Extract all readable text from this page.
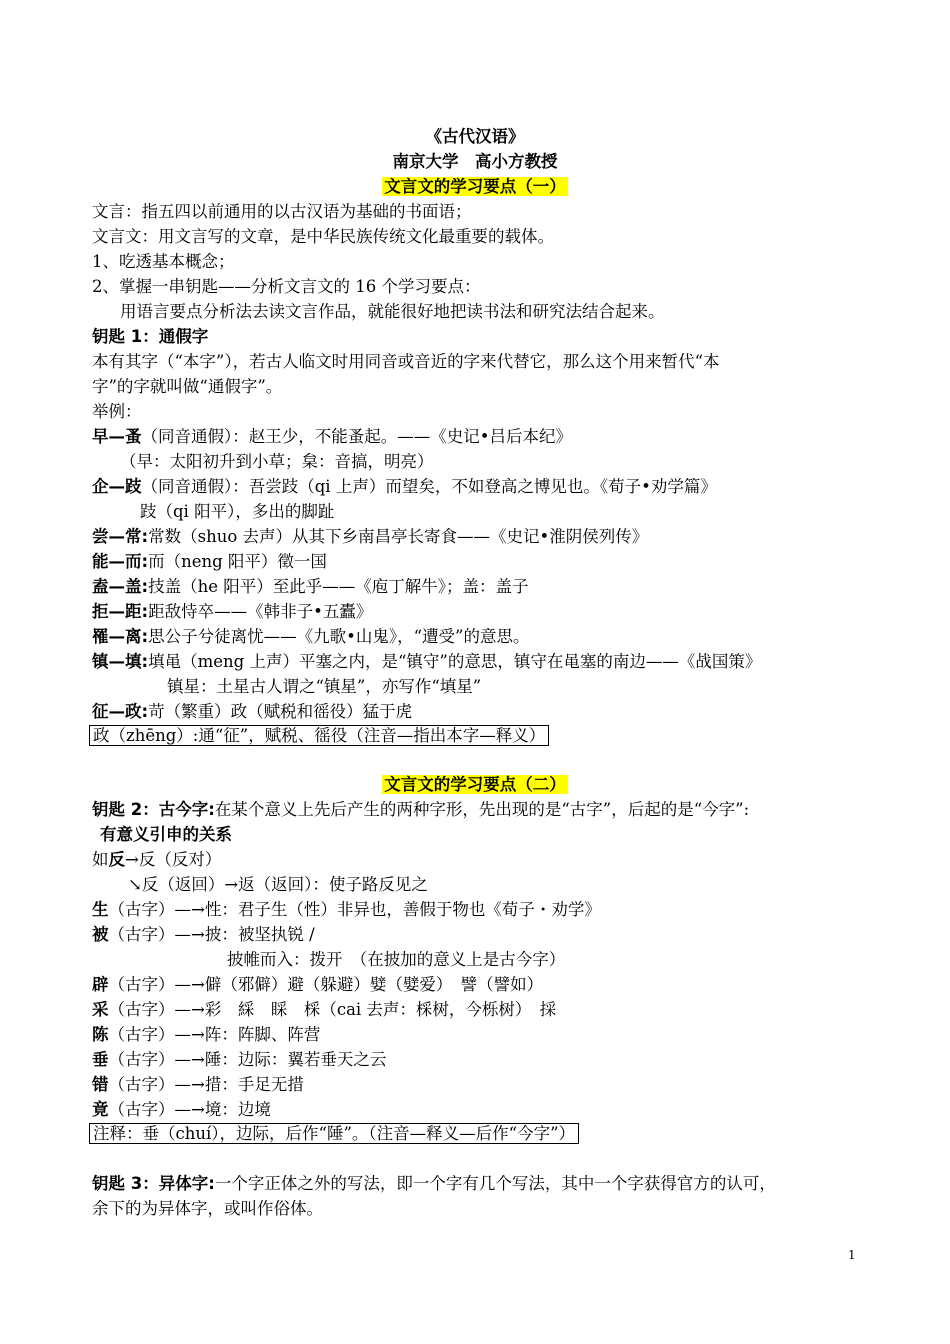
《古代汉语》
南京大学　高小方教授
文言文的学习要点（一）
文言：指五四以前通用的以古汉语为基础的书面语；
文言文：用文言写的文章，是中华民族传统文化最重要的载体。
1、吃透基本概念；
2、掌握一串钥匙——分析文言文的 16 个学习要点：
用语言要点分析法去读文言作品，就能很好地把读书法和研究法结合起来。
钥匙 1：通假字
本有其字（“本字”），若古人临文时用同音或音近的字来代替它，那么这个用来暂代“本
字”的字就叫做“通假字”。
举例：
早—蚤（同音通假）：赵王少，不能蚤起。——《史记•吕后本纪》
（早：太阳初升到小草；枲：音搞，明亮）
企—跂（同音通假）：吾尝跂（qi 上声）而望矣，不如登高之博见也。《荀子•劝学篇》
跂（qi 阳平），多出的脚趾
尝—常:常数（shuo 去声）从其下乡南昌亭长寄食——《史记•淮阴侯列传》
能—而:而（neng 阳平）徵一国
盍—盖:技盖（he 阳平）至此乎——《庖丁解牛》；盖：盖子
拒—距:距敌恃卒——《韩非子•五蠹》
罹—离:思公子兮徒离忧——《九歌•山鬼》，“遭受”的意思。
镇—填:填黾（meng 上声）平塞之内，是“镇守”的意思，镇守在黾塞的南边——《战国策》
镇星：土星古人谓之“镇星”，亦写作“填星”
征—政:苛（繁重）政（赋税和徭役）猛于虎
政（zhēng）:通“征”，赋税、徭役（注音—指出本字—释义）
文言文的学习要点（二）
钥匙 2：古今字:在某个意义上先后产生的两种字形，先出现的是“古字”，后起的是“今字”:
有意义引申的关系
如反→反（反对）
↘反（返回）→返（返回）：使子路反见之
生（古字）—→性：君子生（性）非异也，善假于物也《荀子・劝学》
被（古字）—→披：被坚执锐 /
披帷而入：拨开　（在披加的意义上是古今字）
辟（古字）—→僻（邪僻）避（躲避）嬖（嬖爱）　譬（譬如）
采（古字）—→彩　綵　睬　棌（cai 去声：棌树，今栎树）　採
陈（古字）—→阵：阵脚、阵营
垂（古字）—→陲：边际：翼若垂天之云
错（古字）—→措：手足无措
竟（古字）—→境：边境
注释：垂（chuí），边际，后作“陲”。（注音—释义—后作“今字”）
钥匙 3：异体字:一个字正体之外的写法，即一个字有几个写法，其中一个字获得官方的认可，
余下的为异体字，或叫作俗体。
1
